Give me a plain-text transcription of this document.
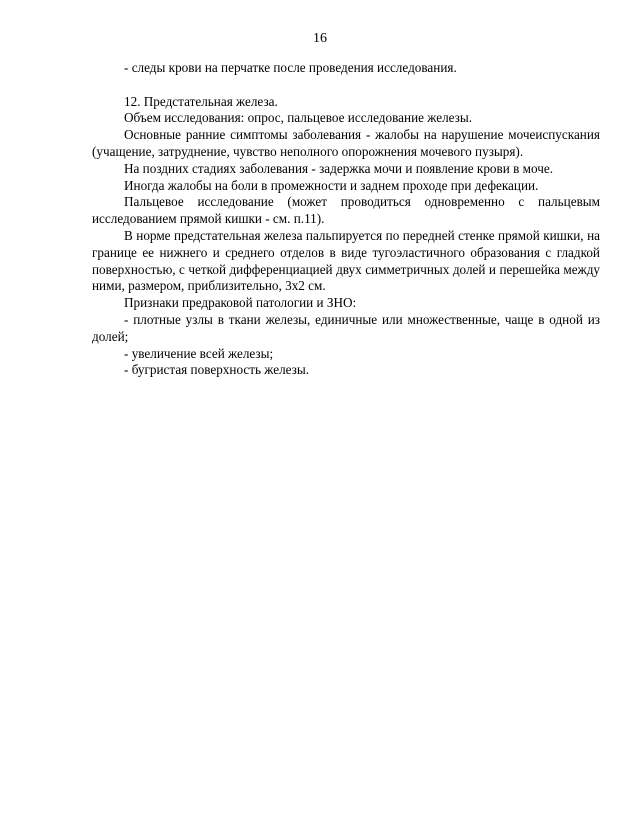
16

- следы крови на перчатке после проведения исследования.

12. Предстательная железа.

Объем исследования: опрос, пальцевое исследование железы.

Основные ранние симптомы заболевания - жалобы на нарушение мочеиспускания (учащение, затруднение, чувство неполного опорожнения мочевого пузыря).

На поздних стадиях заболевания - задержка мочи и появление крови в моче.

Иногда жалобы на боли в промежности и заднем проходе при дефекации.

Пальцевое исследование (может проводиться одновременно с пальцевым исследованием прямой кишки - см. п.11).

В норме предстательная железа пальпируется по передней стенке прямой кишки, на границе ее нижнего и среднего отделов в виде тугоэластичного образования с гладкой поверхностью, с четкой дифференциацией двух симметричных долей и перешейка между ними, размером, приблизительно, 3х2 см.

Признаки предраковой патологии и ЗНО:

- плотные узлы в ткани железы, единичные или множественные, чаще в одной из долей;

- увеличение всей железы;

- бугристая поверхность железы.
